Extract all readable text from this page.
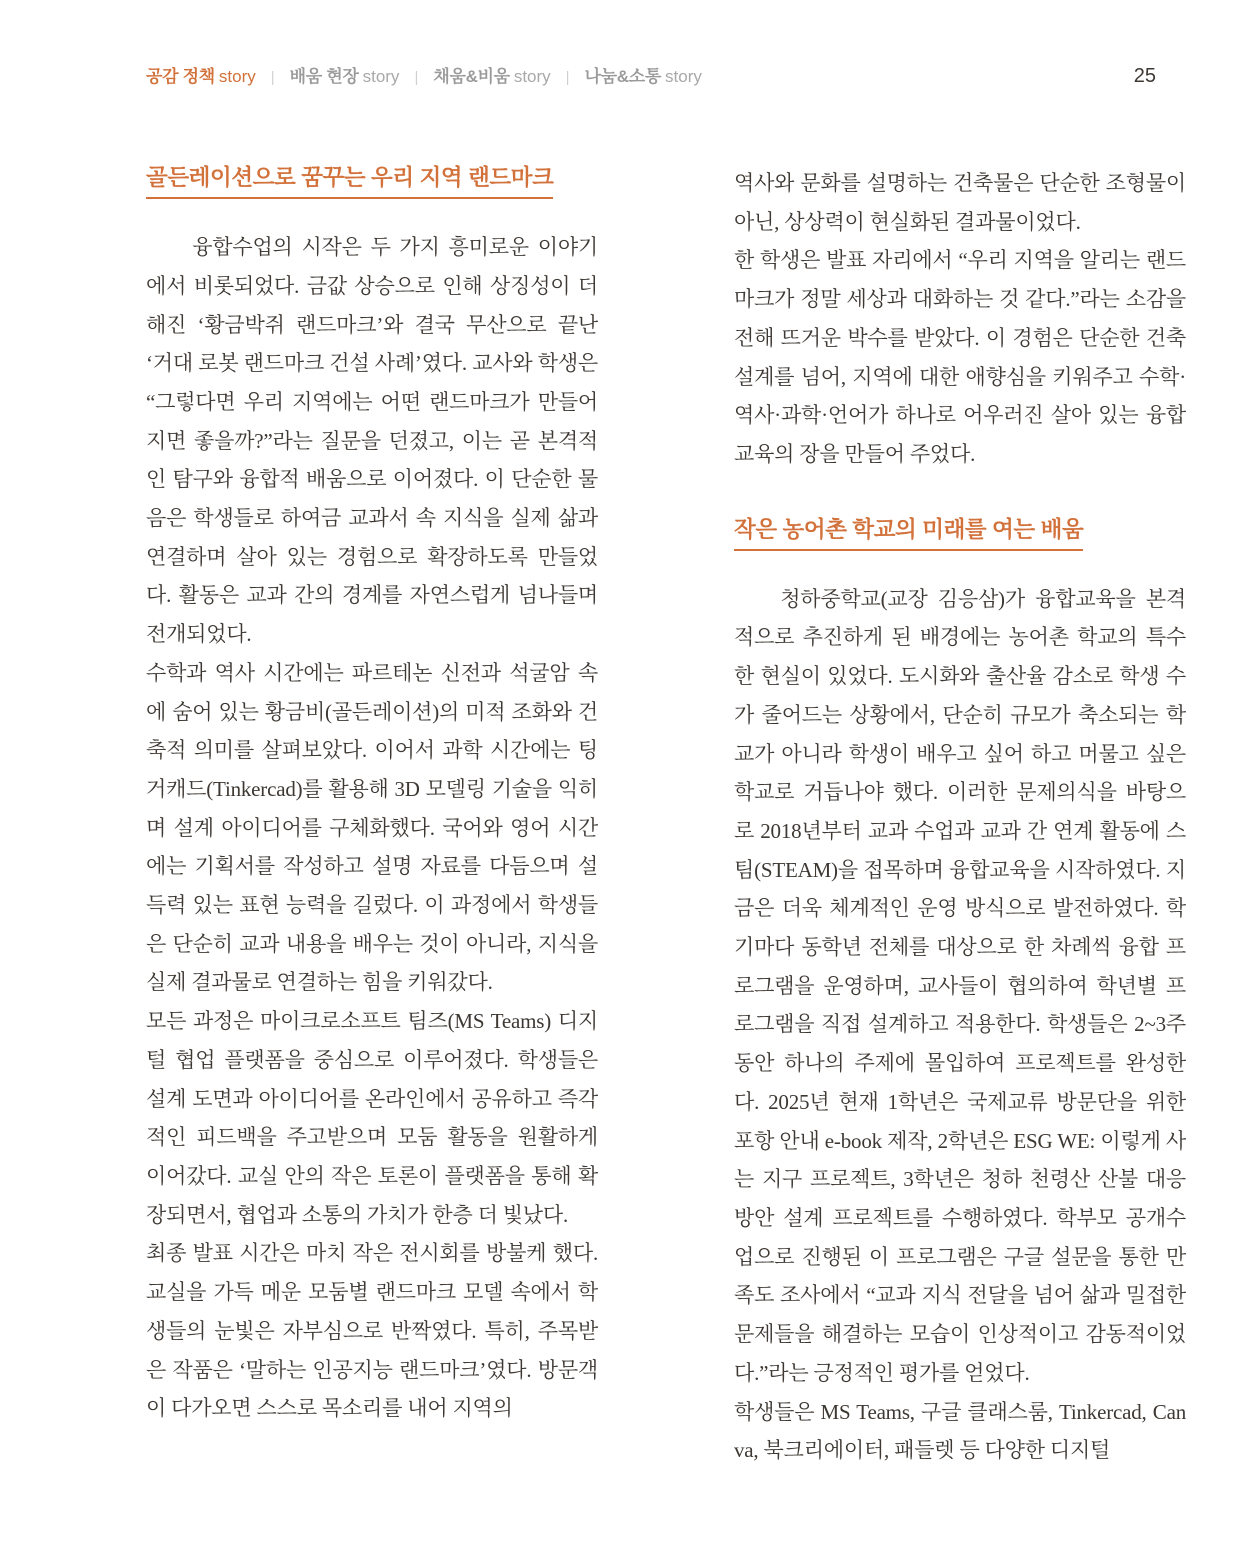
공감 정책 story | 배움 현장 story | 채움&비움 story | 나눔&소통 story	25
골든레이션으로 꿈꾸는 우리 지역 랜드마크

융합수업의 시작은 두 가지 흥미로운 이야기에서 비롯되었다. 금값 상승으로 인해 상징성이 더해진 ‘황금박쥐 랜드마크’와 결국 무산으로 끝난 ‘거대 로봇 랜드마크 건설 사례’였다. 교사와 학생은 “그렇다면 우리 지역에는 어떤 랜드마크가 만들어지면 좋을까?”라는 질문을 던졌고, 이는 곧 본격적인 탐구와 융합적 배움으로 이어졌다. 이 단순한 물음은 학생들로 하여금 교과서 속 지식을 실제 삶과 연결하며 살아 있는 경험으로 확장하도록 만들었다. 활동은 교과 간의 경계를 자연스럽게 넘나들며 전개되었다.

수학과 역사 시간에는 파르테논 신전과 석굴암 속에 숨어 있는 황금비(골든레이션)의 미적 조화와 건축적 의미를 살펴보았다. 이어서 과학 시간에는 팅거캐드(Tinkercad)를 활용해 3D 모델링 기술을 익히며 설계 아이디어를 구체화했다. 국어와 영어 시간에는 기획서를 작성하고 설명 자료를 다듬으며 설득력 있는 표현 능력을 길렀다. 이 과정에서 학생들은 단순히 교과 내용을 배우는 것이 아니라, 지식을 실제 결과물로 연결하는 힘을 키워갔다.

모든 과정은 마이크로소프트 팀즈(MS Teams) 디지털 협업 플랫폼을 중심으로 이루어졌다. 학생들은 설계 도면과 아이디어를 온라인에서 공유하고 즉각적인 피드백을 주고받으며 모둠 활동을 원활하게 이어갔다. 교실 안의 작은 토론이 플랫폼을 통해 확장되면서, 협업과 소통의 가치가 한층 더 빛났다.

최종 발표 시간은 마치 작은 전시회를 방불케 했다. 교실을 가득 메운 모둠별 랜드마크 모델 속에서 학생들의 눈빛은 자부심으로 반짝였다. 특히, 주목받은 작품은 ‘말하는 인공지능 랜드마크’였다. 방문객이 다가오면 스스로 목소리를 내어 지역의

역사와 문화를 설명하는 건축물은 단순한 조형물이 아닌, 상상력이 현실화된 결과물이었다.

한 학생은 발표 자리에서 “우리 지역을 알리는 랜드마크가 정말 세상과 대화하는 것 같다.”라는 소감을 전해 뜨거운 박수를 받았다. 이 경험은 단순한 건축 설계를 넘어, 지역에 대한 애향심을 키워주고 수학·역사·과학·언어가 하나로 어우러진 살아 있는 융합교육의 장을 만들어 주었다.

작은 농어촌 학교의 미래를 여는 배움

청하중학교(교장 김응삼)가 융합교육을 본격적으로 추진하게 된 배경에는 농어촌 학교의 특수한 현실이 있었다. 도시화와 출산율 감소로 학생 수가 줄어드는 상황에서, 단순히 규모가 축소되는 학교가 아니라 학생이 배우고 싶어 하고 머물고 싶은 학교로 거듭나야 했다. 이러한 문제의식을 바탕으로 2018년부터 교과 수업과 교과 간 연계 활동에 스팀(STEAM)을 접목하며 융합교육을 시작하였다. 지금은 더욱 체계적인 운영 방식으로 발전하였다. 학기마다 동학년 전체를 대상으로 한 차례씩 융합 프로그램을 운영하며, 교사들이 협의하여 학년별 프로그램을 직접 설계하고 적용한다. 학생들은 2~3주 동안 하나의 주제에 몰입하여 프로젝트를 완성한다. 2025년 현재 1학년은 국제교류 방문단을 위한 포항 안내 e-book 제작, 2학년은 ESG WE: 이렇게 사는 지구 프로젝트, 3학년은 청하 천령산 산불 대응 방안 설계 프로젝트를 수행하였다. 학부모 공개수업으로 진행된 이 프로그램은 구글 설문을 통한 만족도 조사에서 “교과 지식 전달을 넘어 삶과 밀접한 문제들을 해결하는 모습이 인상적이고 감동적이었다.”라는 긍정적인 평가를 얻었다.

학생들은 MS Teams, 구글 클래스룸, Tinkercad, Canva, 북크리에이터, 패들렛 등 다양한 디지털
